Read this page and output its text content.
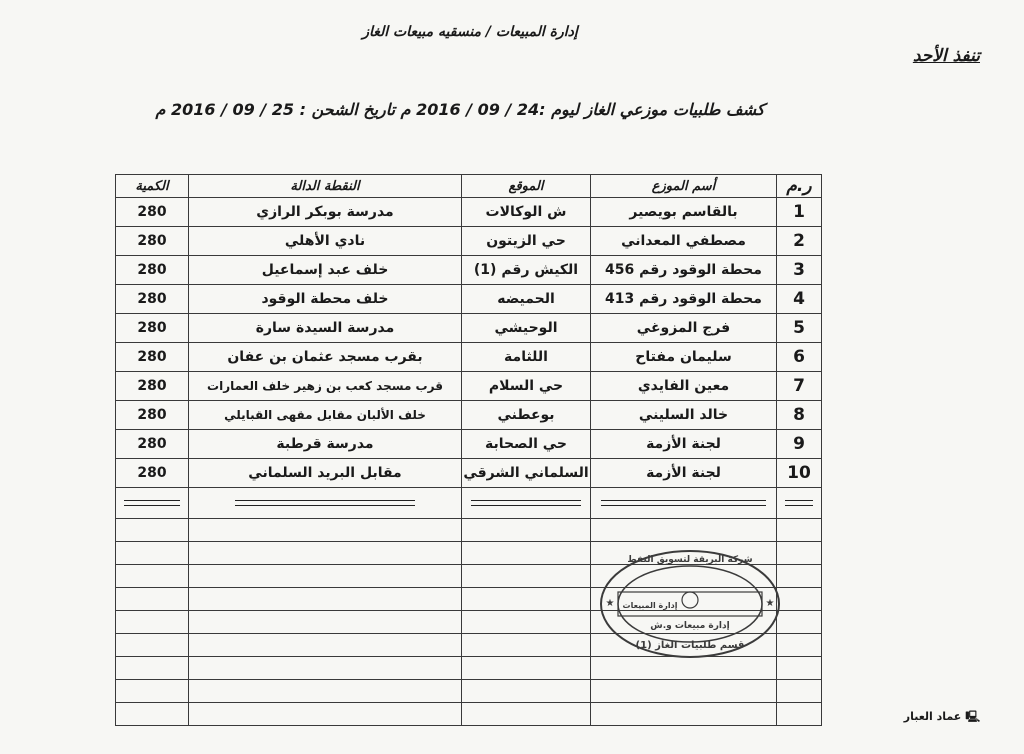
إدارة المبيعات / منسقيه مبيعات الغاز
تنفذ الأحد
كشف طلبيات موزعي الغاز ليوم :24 / 09 / 2016 م تاريخ الشحن : 25 / 09 / 2016 م
ر.م	أسم الموزع	الموقع	النقطة الدالة	الكمية
1	بالقاسم بويصير	ش الوكالات	مدرسة بوبكر الرازي	280
2	مصطفي المعداني	حي الزيتون	نادي الأهلي	280
3	محطة الوقود رقم 456	الكيش رقم (1)	خلف عبد إسماعيل	280
4	محطة الوقود رقم 413	الحميضه	خلف محطة الوقود	280
5	فرج المزوغي	الوحيشي	مدرسة السيدة سارة	280
6	سليمان مفتاح	اللثامة	بقرب مسجد عثمان بن عفان	280
7	معين الفايدي	حي السلام	قرب مسجد كعب بن زهير خلف العمارات	280
8	خالد السليني	بوعطني	خلف الألبان مقابل مقهى القبايلي	280
9	لجنة الأزمة	حي الصحابة	مدرسة قرطبة	280
10	لجنة الأزمة	السلماني الشرقي	مقابل البريد السلماني	280

شركة البريقة لتسويق النفط
إدارة المبيعات
إدارة مبيعات و.ش
قسم طلبيات الغاز (1)
★	★
🖳عماد العبار
